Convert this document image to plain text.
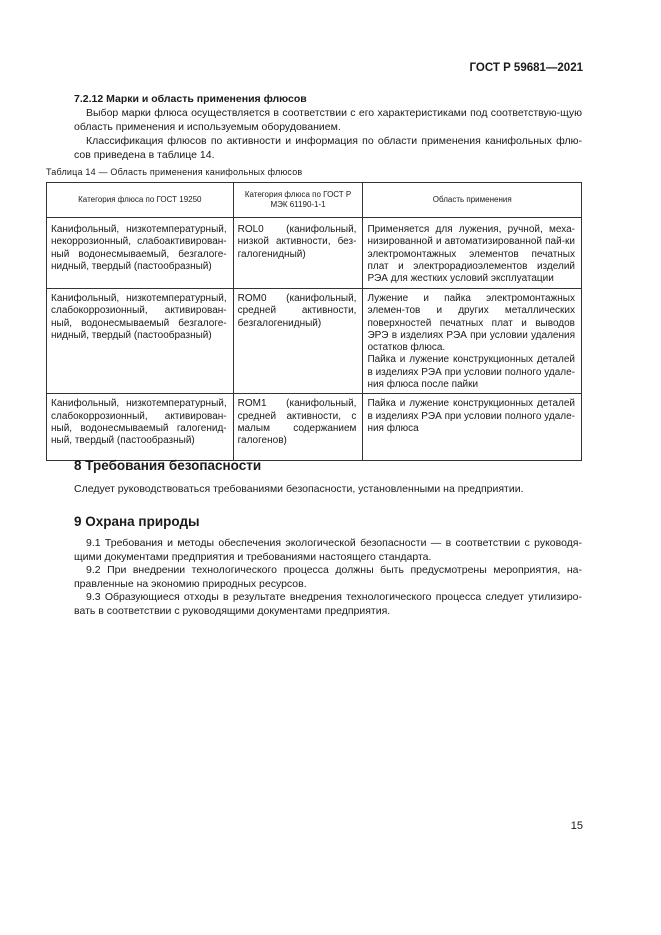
ГОСТ Р 59681—2021

7.2.12 Марки и область применения флюсов

Выбор марки флюса осуществляется в соответствии с его характеристиками под соответствую-щую область применения и используемым оборудованием.

Классификация флюсов по активности и информация по области применения канифольных флю-сов приведена в таблице 14.

Таблица 14 — Область применения канифольных флюсов
Категория флюса по ГОСТ 19250	Категория флюса по ГОСТ Р МЭК 61190-1-1	Область применения
Канифольный, низкотемпературный, некоррозионный, слабоактивирован-ный водонесмываемый, безгалоге-нидный, твердый (пастообразный)	ROL0 (канифольный, низкой активности, без-галогенидный)	Применяется для лужения, ручной, меха-низированной и автоматизированной пай-ки электромонтажных элементов печатных плат и электрорадиоэлементов изделий РЭА для жестких условий эксплуатации
Канифольный, низкотемпературный, слабокоррозионный, активирован-ный, водонесмываемый безгалоге-нидный, твердый (пастообразный)	ROM0 (канифольный, средней активности, безгалогенидный)	Лужение и пайка электромонтажных элемен-тов и других металлических поверхностей печатных плат и выводов ЭРЭ в изделиях РЭА при условии удаления остатков флюса.
Пайка и лужение конструкционных деталей в изделиях РЭА при условии полного удале-ния флюса после пайки

Канифольный, низкотемпературный, слабокоррозионный, активирован-ный, водонесмываемый галогенид-ный, твердый (пастообразный)	ROM1 (канифольный, средней активности, с малым содержанием галогенов)	Пайка и лужение конструкционных деталей в изделиях РЭА при условии полного удале-ния флюса
8 Требования безопасности
Следует руководствоваться требованиями безопасности, установленными на предприятии.
9 Охрана природы

9.1 Требования и методы обеспечения экологической безопасности — в соответствии с руководя-щими документами предприятия и требованиями настоящего стандарта.

9.2 При внедрении технологического процесса должны быть предусмотрены мероприятия, на-правленные на экономию природных ресурсов.

9.3 Образующиеся отходы в результате внедрения технологического процесса следует утилизиро-вать в соответствии с руководящими документами предприятия.

15
